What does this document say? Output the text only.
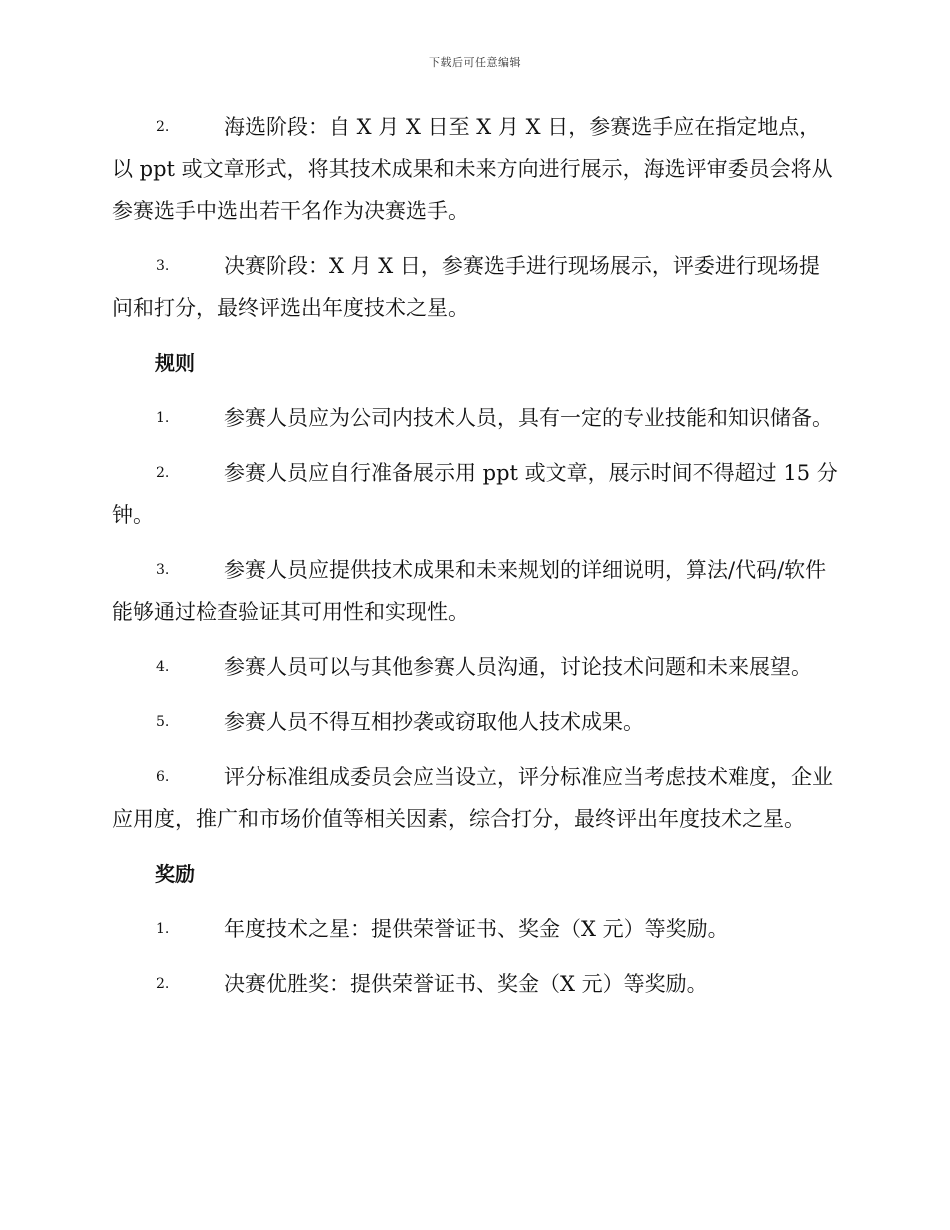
下载后可任意编辑
2.	海选阶段：自 X 月 X 日至 X 月 X 日，参赛选手应在指定地点，以 ppt 或文章形式，将其技术成果和未来方向进行展示，海选评审委员会将从参赛选手中选出若干名作为决赛选手。
3.	决赛阶段：X 月 X 日，参赛选手进行现场展示，评委进行现场提问和打分，最终评选出年度技术之星。
规则
1.	参赛人员应为公司内技术人员，具有一定的专业技能和知识储备。
2.	参赛人员应自行准备展示用 ppt 或文章，展示时间不得超过 15 分钟。
3.	参赛人员应提供技术成果和未来规划的详细说明，算法/代码/软件能够通过检查验证其可用性和实现性。
4.	参赛人员可以与其他参赛人员沟通，讨论技术问题和未来展望。
5.	参赛人员不得互相抄袭或窃取他人技术成果。
6.	评分标准组成委员会应当设立，评分标准应当考虑技术难度，企业应用度，推广和市场价值等相关因素，综合打分，最终评出年度技术之星。
奖励
1.	年度技术之星：提供荣誉证书、奖金（X 元）等奖励。
2.	决赛优胜奖：提供荣誉证书、奖金（X 元）等奖励。
